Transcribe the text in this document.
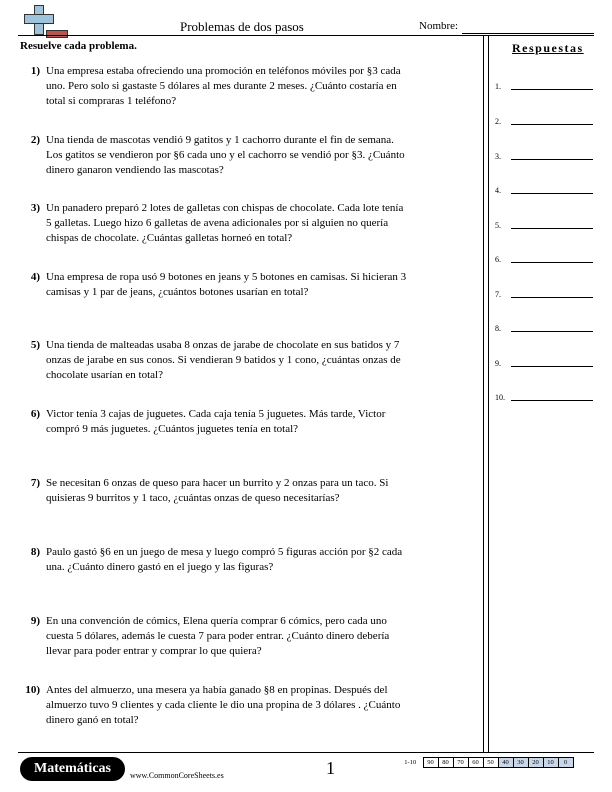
Problemas de dos pasos	Nombre:
Resuelve cada problema.
1) Una empresa estaba ofreciendo una promoción en teléfonos móviles por §3 cada uno. Pero solo si gastaste 5 dólares al mes durante 2 meses. ¿Cuánto costaría en total si compraras 1 teléfono?
2) Una tienda de mascotas vendió 9 gatitos y 1 cachorro durante el fin de semana. Los gatitos se vendieron por §6 cada uno y el cachorro se vendió por §3. ¿Cuánto dinero ganaron vendiendo las mascotas?
3) Un panadero preparó 2 lotes de galletas con chispas de chocolate. Cada lote tenía 5 galletas. Luego hizo 6 galletas de avena adicionales por si alguien no quería chispas de chocolate. ¿Cuántas galletas horneó en total?
4) Una empresa de ropa usó 9 botones en jeans y 5 botones en camisas. Si hicieran 3 camisas y 1 par de jeans, ¿cuántos botones usarían en total?
5) Una tienda de malteadas usaba 8 onzas de jarabe de chocolate en sus batidos y 7 onzas de jarabe en sus conos. Si vendieran 9 batidos y 1 cono, ¿cuántas onzas de chocolate usarían en total?
6) Victor tenía 3 cajas de juguetes. Cada caja tenía 5 juguetes. Más tarde, Victor compró 9 más juguetes. ¿Cuántos juguetes tenía en total?
7) Se necesitan 6 onzas de queso para hacer un burrito y 2 onzas para un taco. Si quisieras 9 burritos y 1 taco, ¿cuántas onzas de queso necesitarías?
8) Paulo gastó §6 en un juego de mesa y luego compró 5 figuras acción por §2 cada una. ¿Cuánto dinero gastó en el juego y las figuras?
9) En una convención de cómics, Elena quería comprar 6 cómics, pero cada uno cuesta 5 dólares, además le cuesta 7 para poder entrar. ¿Cuánto dinero debería llevar para poder entrar y comprar lo que quiera?
10) Antes del almuerzo, una mesera ya había ganado §8 en propinas. Después del almuerzo tuvo 9 clientes y cada cliente le dio una propina de 3 dólares . ¿Cuánto dinero ganó en total?
Respuestas
1.
2.
3.
4.
5.
6.
7.
8.
9.
10.
Matemáticas	www.CommonCoreSheets.es	1	1-10	90	80	70	60	50	40	30	20	10	0
